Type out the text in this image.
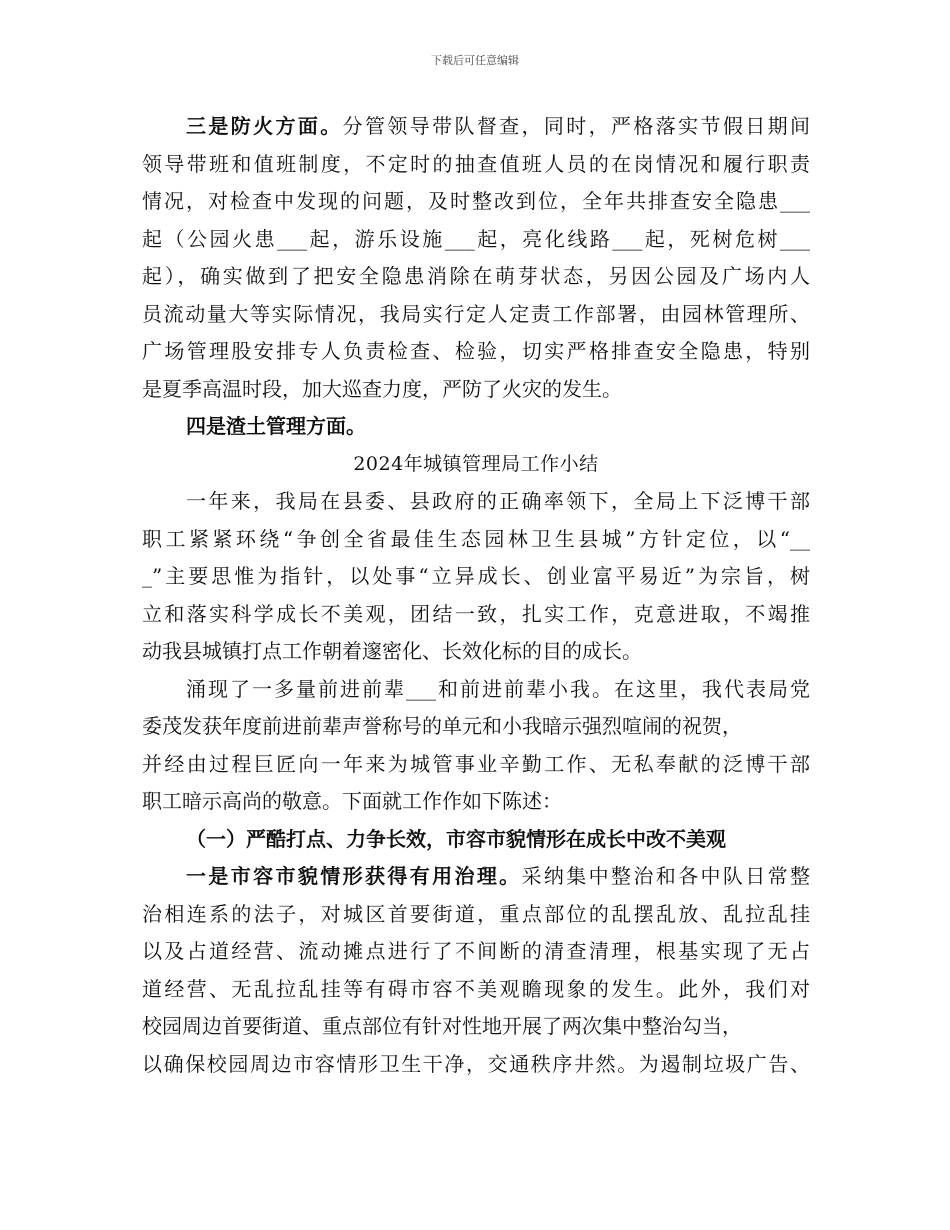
下载后可任意编辑
三是防火方面。分管领导带队督查，同时，严格落实节假日期间
领导带班和值班制度，不定时的抽查值班人员的在岗情况和履行职责
情况，对检查中发现的问题，及时整改到位，全年共排查安全隐患___
起（公园火患___起，游乐设施___起，亮化线路___起，死树危树___
起），确实做到了把安全隐患消除在萌芽状态，另因公园及广场内人
员流动量大等实际情况，我局实行定人定责工作部署，由园林管理所、
广场管理股安排专人负责检查、检验，切实严格排查安全隐患，特别
是夏季高温时段，加大巡查力度，严防了火灾的发生。
四是渣土管理方面。
2024年城镇管理局工作小结
一年来，我局在县委、县政府的正确率领下，全局上下泛博干部
职工紧紧环绕“争创全省最佳生态园林卫生县城”方针定位，以“__
_”主要思惟为指针，以处事“立异成长、创业富平易近”为宗旨，树
立和落实科学成长不美观，团结一致，扎实工作，克意进取，不竭推
动我县城镇打点工作朝着邃密化、长效化标的目的成长。
涌现了一多量前进前辈___和前进前辈小我。在这里，我代表局党
委茂发获年度前进前辈声誉称号的单元和小我暗示强烈喧闹的祝贺，
并经由过程巨匠向一年来为城管事业辛勤工作、无私奉献的泛博干部
职工暗示高尚的敬意。下面就工作作如下陈述：
（一）严酷打点、力争长效，市容市貌情形在成长中改不美观
一是市容市貌情形获得有用治理。采纳集中整治和各中队日常整
治相连系的法子，对城区首要街道，重点部位的乱摆乱放、乱拉乱挂
以及占道经营、流动摊点进行了不间断的清查清理，根基实现了无占
道经营、无乱拉乱挂等有碍市容不美观瞻现象的发生。此外，我们对
校园周边首要街道、重点部位有针对性地开展了两次集中整治勾当，
以确保校园周边市容情形卫生干净，交通秩序井然。为遏制垃圾广告、
